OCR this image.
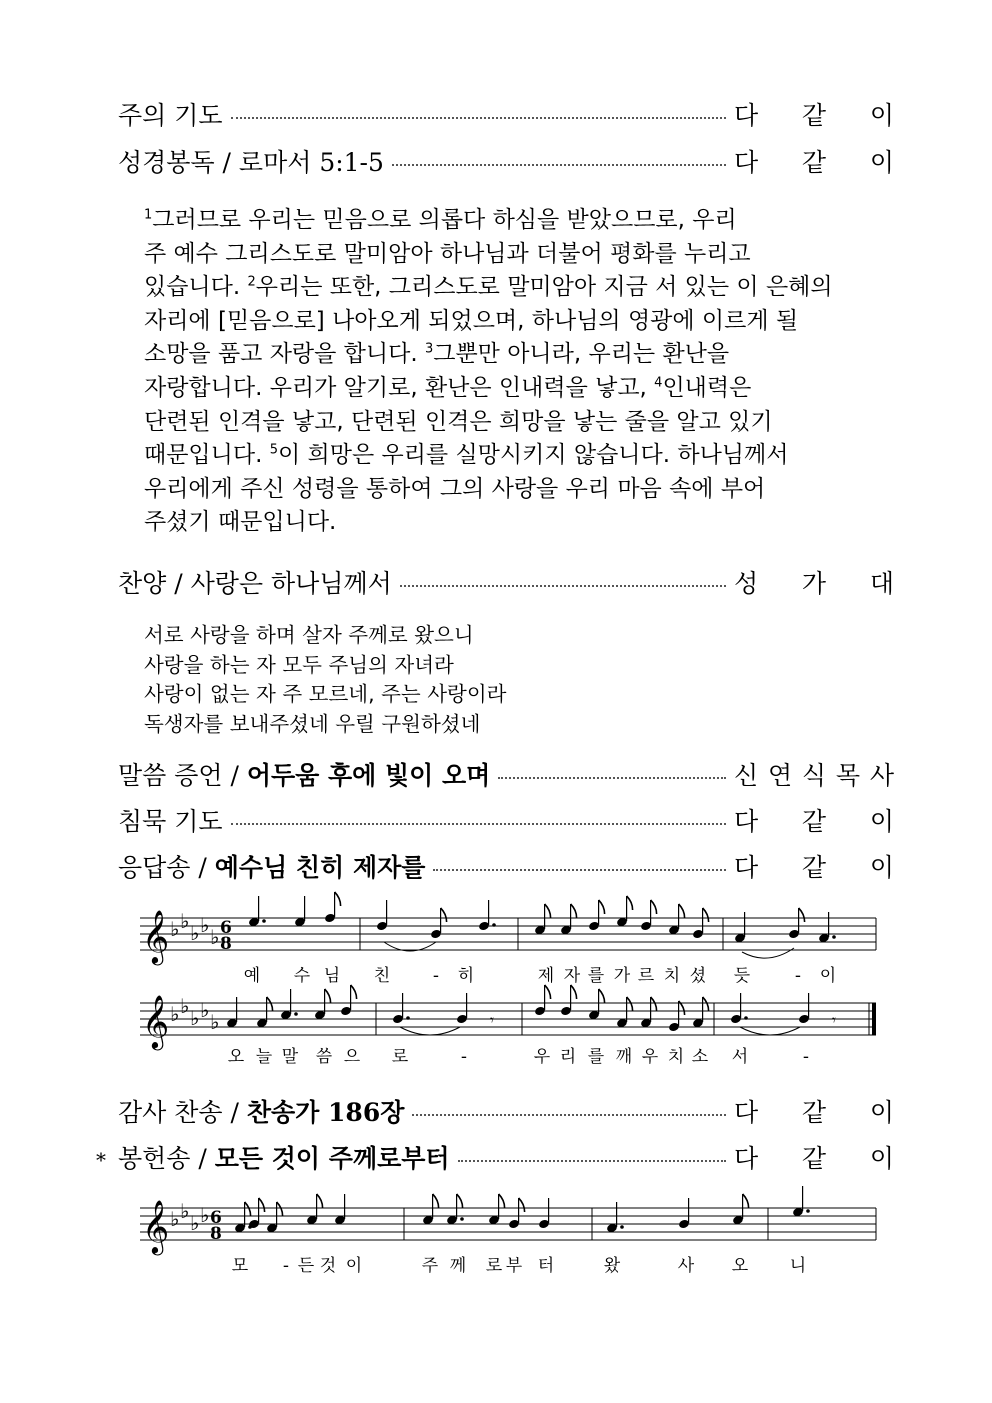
주의 기도	다 같 이
성경봉독 / 로마서 5:1-5	다 같 이
$^1$그러므로 우리는 믿음으로 의롭다 하심을 받았으므로, 우리
주 예수 그리스도로 말미암아 하나님과 더불어 평화를 누리고
있습니다. $^2$우리는 또한, 그리스도로 말미암아 지금 서 있는 이 은혜의
자리에 [믿음으로] 나아오게 되었으며, 하나님의 영광에 이르게 될
소망을 품고 자랑을 합니다. $^3$그뿐만 아니라, 우리는 환난을
자랑합니다. 우리가 알기로, 환난은 인내력을 낳고, $^4$인내력은
단련된 인격을 낳고, 단련된 인격은 희망을 낳는 줄을 알고 있기
때문입니다. $^5$이 희망은 우리를 실망시키지 않습니다. 하나님께서
우리에게 주신 성령을 통하여 그의 사랑을 우리 마음 속에 부어
주셨기 때문입니다.
찬양 / 사랑은 하나님께서	성 가 대
서로 사랑을 하며 살자 주께로 왔으니
사랑을 하는 자 모두 주님의 자녀라
사랑이 없는 자 주 모르네, 주는 사랑이라
독생자를 보내주셨네 우릴 구원하셨네
말씀 증언 / 어두움 후에 빛이 오며	신 연 식 목 사
침묵 기도	다 같 이
응답송 / 예수님 친히 제자를	다 같 이
𝄞 ♭ ♭ ♭ ♭ ♭ 6
8
예 수 님 친	- 히	제 자 를 가 르 치 셨 듯	- 이
𝄞 ♭ ♭ ♭ ♭ ♭	𝄾	𝄾
오 늘 말 씀 으 로	-	우 리 를 깨 우 치 소 서	-
감사 찬송 / 찬송가 186장	다 같 이
* 봉헌송 / 모든 것이 주께로부터	다 같 이
𝄞 ♭ ♭ ♭ ♭ 6
8
모 - 든 것 이	주 께 로 부 터	왔	사 오 니
